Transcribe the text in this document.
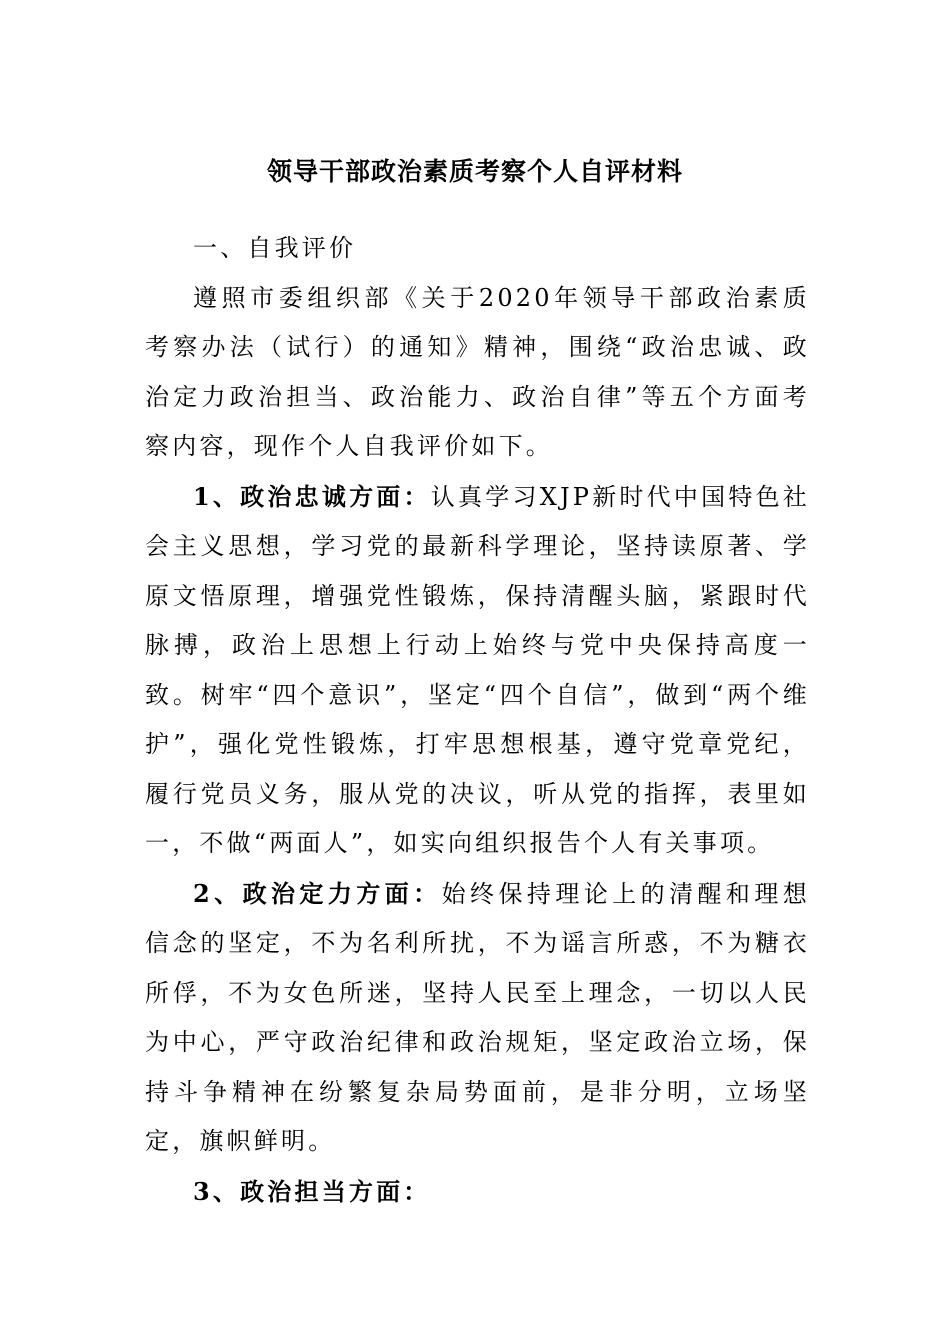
领导干部政治素质考察个人自评材料

一、自我评价

遵照市委组织部《关于2020年领导干部政治素质考察办法（试行）的通知》精神，围绕“政治忠诚、政治定力政治担当、政治能力、政治自律”等五个方面考察内容，现作个人自我评价如下。

1、政治忠诚方面：认真学习XJP新时代中国特色社会主义思想，学习党的最新科学理论，坚持读原著、学原文悟原理，增强党性锻炼，保持清醒头脑，紧跟时代脉搏，政治上思想上行动上始终与党中央保持高度一致。树牢“四个意识”，坚定“四个自信”，做到“两个维护”，强化党性锻炼，打牢思想根基，遵守党章党纪，履行党员义务，服从党的决议，听从党的指挥，表里如一，不做“两面人”，如实向组织报告个人有关事项。

2、政治定力方面：始终保持理论上的清醒和理想信念的坚定，不为名利所扰，不为谣言所惑，不为糖衣所俘，不为女色所迷，坚持人民至上理念，一切以人民为中心，严守政治纪律和政治规矩，坚定政治立场，保持斗争精神在纷繁复杂局势面前，是非分明，立场坚定，旗帜鲜明。

3、政治担当方面：
